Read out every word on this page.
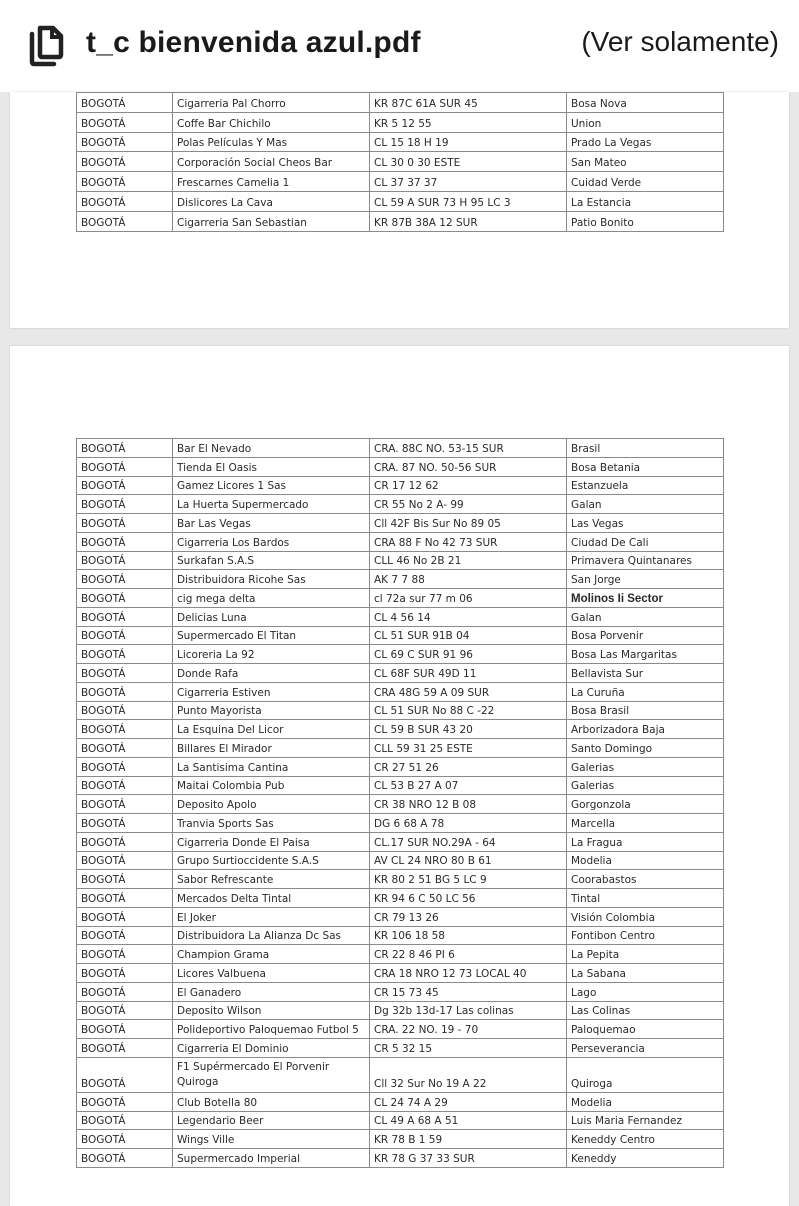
t_c bienvenida azul.pdf	(Ver solamente)
BOGOTÁ	Cigarreria Pal Chorro	KR 87C 61A SUR 45	Bosa Nova
BOGOTÁ	Coffe Bar Chichilo	KR 5 12 55	Union
BOGOTÁ	Polas Películas Y Mas	CL 15 18 H 19	Prado La Vegas
BOGOTÁ	Corporación Social Cheos Bar	CL 30 0 30 ESTE	San Mateo
BOGOTÁ	Frescarnes Camelia 1	CL 37 37 37	Cuidad Verde
BOGOTÁ	Dislicores La Cava	CL 59 A SUR 73 H 95 LC 3	La Estancia
BOGOTÁ	Cigarreria San Sebastian	KR 87B 38A 12 SUR	Patio Bonito
BOGOTÁ	Bar El Nevado	CRA. 88C NO. 53-15 SUR	Brasil
BOGOTÁ	Tienda El Oasis	CRA. 87 NO. 50-56 SUR	Bosa Betania
BOGOTÁ	Gamez Licores 1 Sas	CR 17 12 62	Estanzuela
BOGOTÁ	La Huerta Supermercado	CR 55 No 2 A- 99	Galan
BOGOTÁ	Bar Las Vegas	Cll 42F Bis Sur No 89 05	Las Vegas
BOGOTÁ	Cigarreria Los Bardos	CRA 88 F No 42 73 SUR	Ciudad De Cali
BOGOTÁ	Surkafan S.A.S	CLL 46 No 2B 21	Primavera Quintanares
BOGOTÁ	Distribuidora Ricohe Sas	AK 7 7 88	San Jorge
BOGOTÁ	cig mega delta	cl 72a sur 77 m 06	Molinos Ii Sector
BOGOTÁ	Delicias Luna	CL 4 56 14	Galan
BOGOTÁ	Supermercado El Titan	CL 51 SUR 91B 04	Bosa Porvenir
BOGOTÁ	Licoreria La 92	CL 69 C SUR 91 96	Bosa Las Margaritas
BOGOTÁ	Donde Rafa	CL 68F SUR 49D 11	Bellavista Sur
BOGOTÁ	Cigarreria Estiven	CRA 48G 59 A 09 SUR	La Curuña
BOGOTÁ	Punto Mayorista	CL 51 SUR No 88 C -22	Bosa Brasil
BOGOTÁ	La Esquina Del Licor	CL 59 B SUR 43 20	Arborizadora Baja
BOGOTÁ	Billares El Mirador	CLL 59 31 25 ESTE	Santo Domingo
BOGOTÁ	La Santisima Cantina	CR 27 51 26	Galerias
BOGOTÁ	Maitai Colombia Pub	CL 53 B 27 A 07	Galerias
BOGOTÁ	Deposito Apolo	CR 38 NRO 12 B 08	Gorgonzola
BOGOTÁ	Tranvia Sports Sas	DG 6 68 A 78	Marcella
BOGOTÁ	Cigarreria Donde El Paisa	CL.17 SUR NO.29A - 64	La Fragua
BOGOTÁ	Grupo Surtioccidente S.A.S	AV CL 24 NRO 80 B 61	Modelia
BOGOTÁ	Sabor Refrescante	KR 80 2 51 BG 5 LC 9	Coorabastos
BOGOTÁ	Mercados Delta Tintal	KR 94 6 C 50 LC 56	Tintal
BOGOTÁ	El Joker	CR 79 13 26	Visión Colombia
BOGOTÁ	Distribuidora La Alianza Dc Sas	KR 106 18 58	Fontibon Centro
BOGOTÁ	Champion Grama	CR 22 8 46 PI 6	La Pepita
BOGOTÁ	Licores Valbuena	CRA 18 NRO 12 73 LOCAL 40	La Sabana
BOGOTÁ	El Ganadero	CR 15 73 45	Lago
BOGOTÁ	Deposito Wilson	Dg 32b 13d-17 Las colinas	Las Colinas
BOGOTÁ	Polideportivo Paloquemao Futbol 5	CRA. 22 NO. 19 - 70	Paloquemao
BOGOTÁ	Cigarreria El Dominio	CR 5 32 15	Perseverancia
BOGOTÁ	F1 Supérmercado El Porvenir Quiroga	Cll 32 Sur No 19 A 22	Quiroga
BOGOTÁ	Club Botella 80	CL 24 74 A 29	Modelia
BOGOTÁ	Legendario Beer	CL 49 A 68 A 51	Luis Maria Fernandez
BOGOTÁ	Wings Ville	KR 78 B 1 59	Keneddy Centro
BOGOTÁ	Supermercado Imperial	KR 78 G 37 33 SUR	Keneddy
